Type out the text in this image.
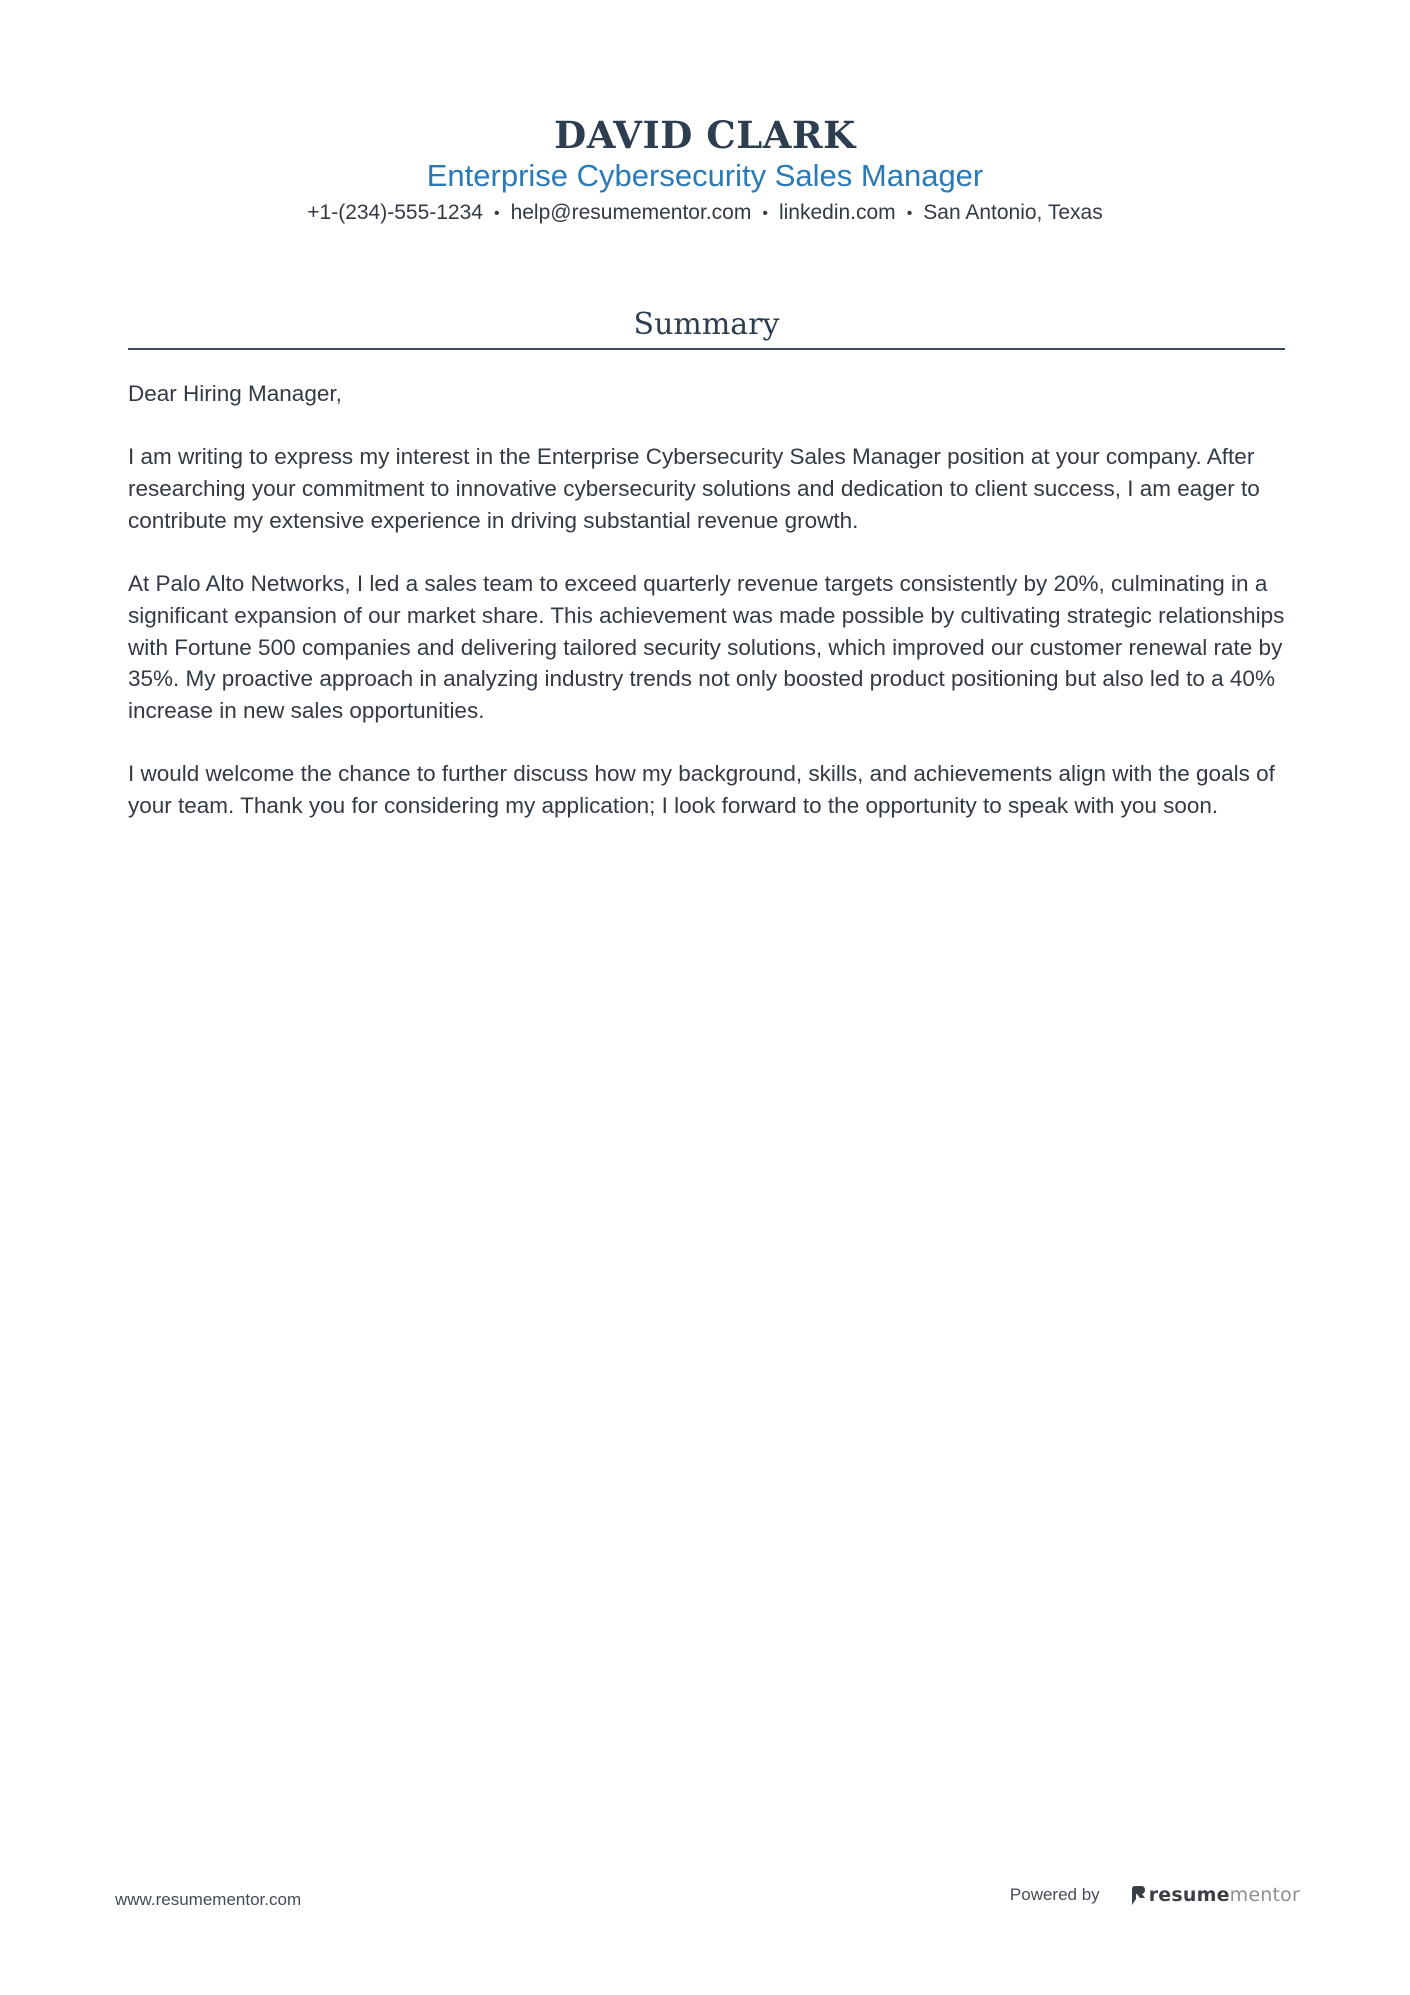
DAVID CLARK
Enterprise Cybersecurity Sales Manager
+1-(234)-555-1234 • help@resumementor.com • linkedin.com • San Antonio, Texas
Summary

Dear Hiring Manager,

I am writing to express my interest in the Enterprise Cybersecurity Sales Manager position at your company. After researching your commitment to innovative cybersecurity solutions and dedication to client success, I am eager to contribute my extensive experience in driving substantial revenue growth.

At Palo Alto Networks, I led a sales team to exceed quarterly revenue targets consistently by 20%, culminating in a significant expansion of our market share. This achievement was made possible by cultivating strategic relationships with Fortune 500 companies and delivering tailored security solutions, which improved our customer renewal rate by 35%. My proactive approach in analyzing industry trends not only boosted product positioning but also led to a 40% increase in new sales opportunities.

I would welcome the chance to further discuss how my background, skills, and achievements align with the goals of your team. Thank you for considering my application; I look forward to the opportunity to speak with you soon.

www.resumementor.com	Powered by	resume mentor
